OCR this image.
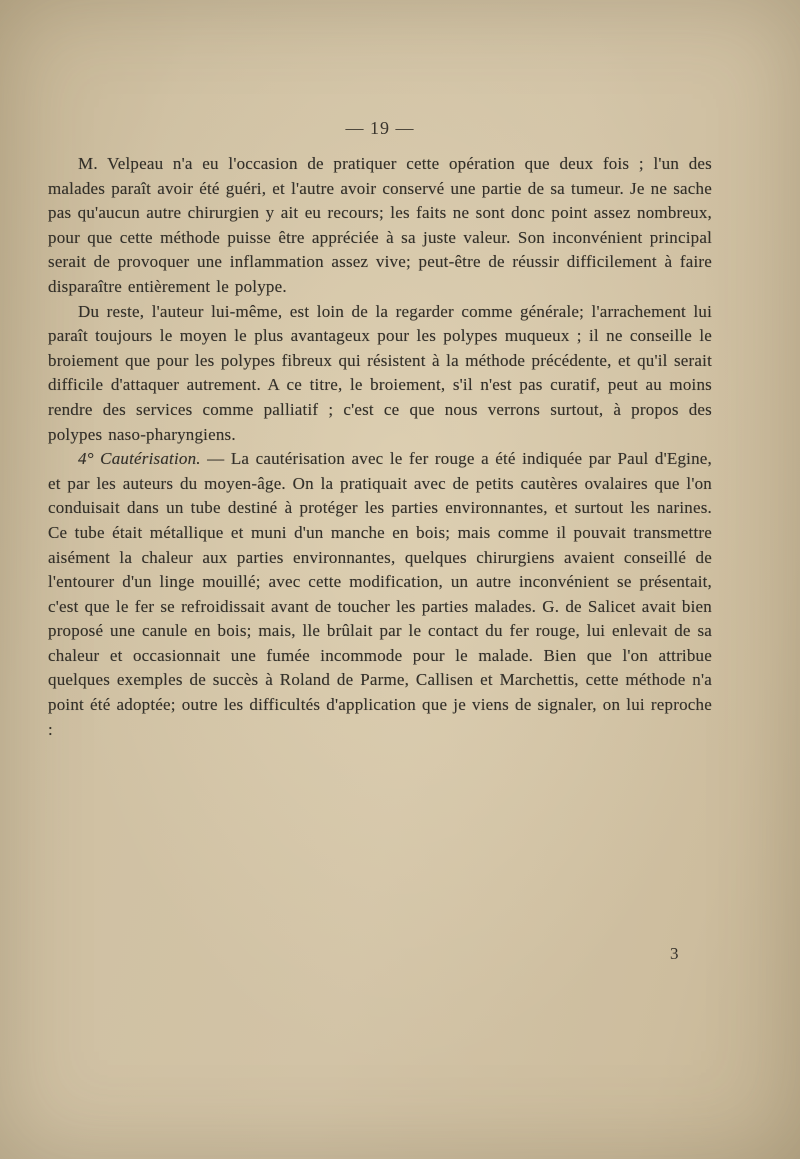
— 19 —

M. Velpeau n'a eu l'occasion de pratiquer cette opération que deux fois ; l'un des malades paraît avoir été guéri, et l'autre avoir conservé une partie de sa tumeur. Je ne sache pas qu'aucun autre chirurgien y ait eu recours; les faits ne sont donc point assez nombreux, pour que cette méthode puisse être appréciée à sa juste valeur. Son inconvénient principal serait de provoquer une inflammation assez vive; peut-être de réussir difficilement à faire disparaître entièrement le polype.

Du reste, l'auteur lui-même, est loin de la regarder comme générale; l'arrachement lui paraît toujours le moyen le plus avantageux pour les polypes muqueux ; il ne conseille le broiement que pour les polypes fibreux qui résistent à la méthode précédente, et qu'il serait difficile d'attaquer autrement. A ce titre, le broiement, s'il n'est pas curatif, peut au moins rendre des services comme palliatif ; c'est ce que nous verrons surtout, à propos des polypes naso-pharyngiens.

4° Cautérisation. — La cautérisation avec le fer rouge a été indiquée par Paul d'Egine, et par les auteurs du moyen-âge. On la pratiquait avec de petits cautères ovalaires que l'on conduisait dans un tube destiné à protéger les parties environnantes, et surtout les narines. Ce tube était métallique et muni d'un manche en bois; mais comme il pouvait transmettre aisément la chaleur aux parties environnantes, quelques chirurgiens avaient conseillé de l'entourer d'un linge mouillé; avec cette modification, un autre inconvénient se présentait, c'est que le fer se refroidissait avant de toucher les parties malades. G. de Salicet avait bien proposé une canule en bois; mais, lle brûlait par le contact du fer rouge, lui enlevait de sa chaleur et occasionnait une fumée incommode pour le malade. Bien que l'on attribue quelques exemples de succès à Roland de Parme, Callisen et Marchettis, cette méthode n'a point été adoptée; outre les difficultés d'application que je viens de signaler, on lui reproche :

3
